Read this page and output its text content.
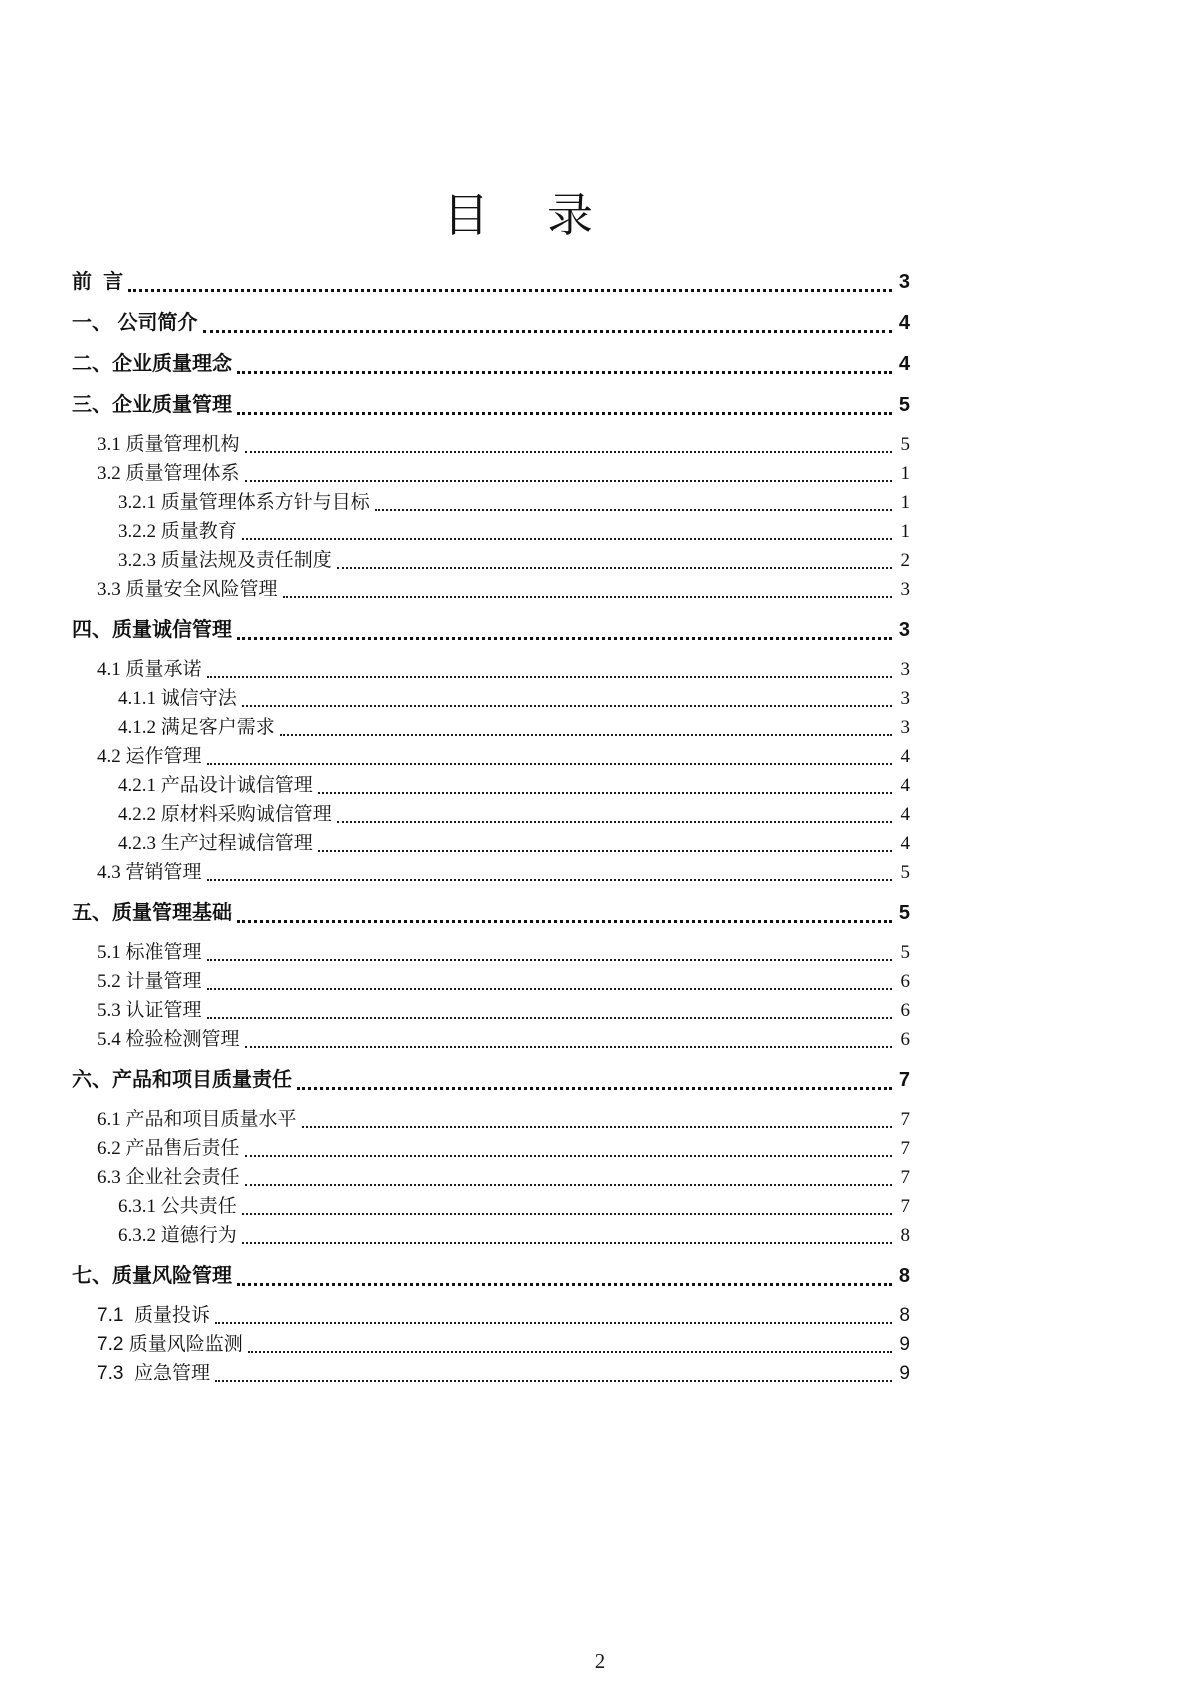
目　录
前  言	3
一、 公司简介	4
二、企业质量理念	4
三、企业质量管理	5
3.1 质量管理机构	5
3.2 质量管理体系	1
3.2.1 质量管理体系方针与目标	1
3.2.2 质量教育	1
3.2.3 质量法规及责任制度	2
3.3 质量安全风险管理	3
四、质量诚信管理	3
4.1 质量承诺	3
4.1.1 诚信守法	3
4.1.2 满足客户需求	3
4.2 运作管理	4
4.2.1 产品设计诚信管理	4
4.2.2 原材料采购诚信管理	4
4.2.3 生产过程诚信管理	4
4.3 营销管理	5
五、质量管理基础	5
5.1 标准管理	5
5.2 计量管理	6
5.3 认证管理	6
5.4 检验检测管理	6
六、产品和项目质量责任	7
6.1 产品和项目质量水平	7
6.2 产品售后责任	7
6.3 企业社会责任	7
6.3.1 公共责任	7
6.3.2 道德行为	8
七、质量风险管理	8
7.1  质量投诉	8
7.2 质量风险监测	9
7.3  应急管理	9
2
